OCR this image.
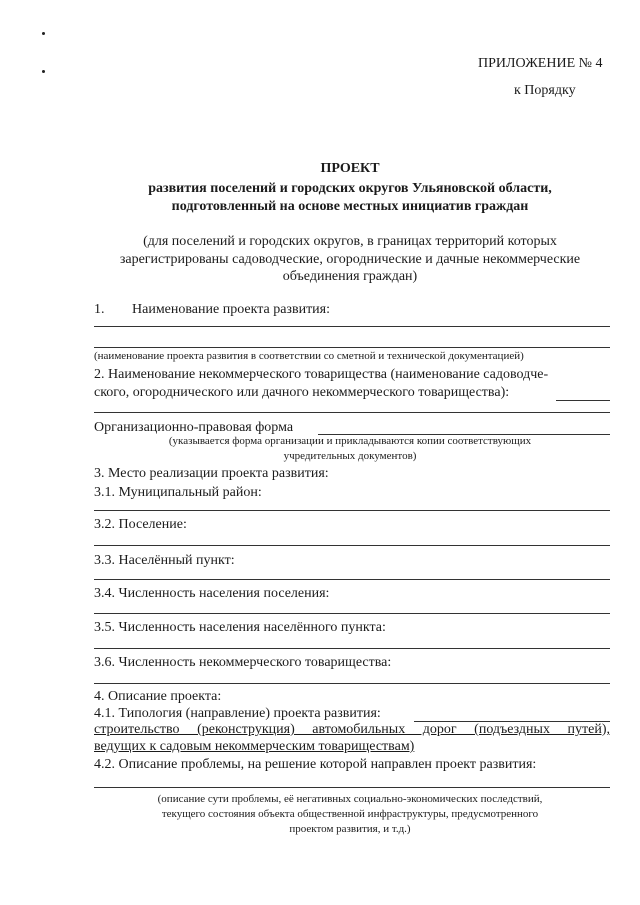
ПРИЛОЖЕНИЕ № 4
к Порядку
ПРОЕКТ
развития поселений и городских округов Ульяновской области,
подготовленный на основе местных инициатив граждан
(для поселений и городских округов, в границах территорий которых
зарегистрированы садоводческие, огороднические и дачные некоммерческие
объединения граждан)
1. Наименование проекта развития:
(наименование проекта развития в соответствии со сметной и технической документацией)
2. Наименование некоммерческого товарищества (наименование садоводче-
ского, огороднического или дачного некоммерческого товарищества):
Организационно-правовая форма
(указывается форма организации и прикладываются копии соответствующих
учредительных документов)
3. Место реализации проекта развития:
3.1. Муниципальный район:
3.2. Поселение:
3.3. Населённый пункт:
3.4. Численность населения поселения:
3.5. Численность населения населённого пункта:
3.6. Численность некоммерческого товарищества:
4. Описание проекта:
4.1. Типология (направление) проекта развития:
строительство (реконструкция) автомобильных дорог (подъездных путей),
ведущих к садовым некоммерческим товариществам)
4.2. Описание проблемы, на решение которой направлен проект развития:
(описание сути проблемы, её негативных социально-экономических последствий,
текущего состояния объекта общественной инфраструктуры, предусмотренного
проектом развития, и т.д.)
